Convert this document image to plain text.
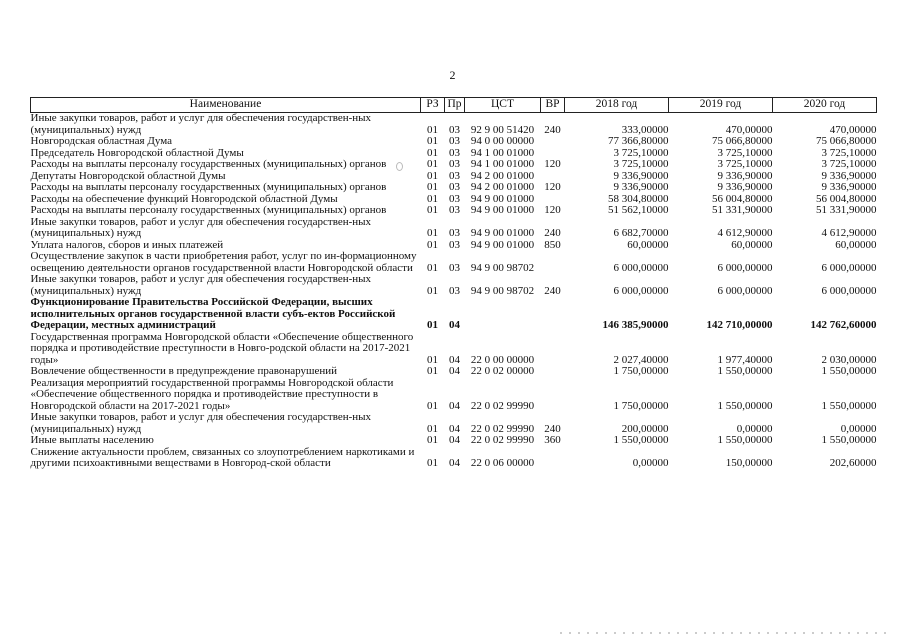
2
Наименование	РЗ	Пр	ЦСТ	ВР	2018 год	2019 год	2020 год
Иные закупки товаров, работ и услуг для обеспечения государствен-ных (муниципальных) нужд	01	03	92 9 00 51420	240	333,00000	470,00000	470,00000
Новгородская областная Дума	01	03	94 0 00 00000		77 366,80000	75 066,80000	75 066,80000
Председатель Новгородской областной Думы	01	03	94 1 00 01000		3 725,10000	3 725,10000	3 725,10000
Расходы на выплаты персоналу государственных (муниципальных) органов	01	03	94 1 00 01000	120	3 725,10000	3 725,10000	3 725,10000
Депутаты Новгородской областной Думы	01	03	94 2 00 01000		9 336,90000	9 336,90000	9 336,90000
Расходы на выплаты персоналу государственных (муниципальных) органов	01	03	94 2 00 01000	120	9 336,90000	9 336,90000	9 336,90000
Расходы на обеспечение функций Новгородской областной Думы	01	03	94 9 00 01000		58 304,80000	56 004,80000	56 004,80000
Расходы на выплаты персоналу государственных (муниципальных) органов	01	03	94 9 00 01000	120	51 562,10000	51 331,90000	51 331,90000
Иные закупки товаров, работ и услуг для обеспечения государствен-ных (муниципальных) нужд	01	03	94 9 00 01000	240	6 682,70000	4 612,90000	4 612,90000
Уплата налогов, сборов и иных платежей	01	03	94 9 00 01000	850	60,00000	60,00000	60,00000
Осуществление закупок в части приобретения работ, услуг по ин-формационному освещению деятельности органов государственной власти Новгородской области	01	03	94 9 00 98702		6 000,00000	6 000,00000	6 000,00000
Иные закупки товаров, работ и услуг для обеспечения государствен-ных (муниципальных) нужд	01	03	94 9 00 98702	240	6 000,00000	6 000,00000	6 000,00000
Функционирование Правительства Российской Федерации, высших исполнительных органов государственной власти субъ-ектов Российской Федерации, местных администраций	01	04			146 385,90000	142 710,00000	142 762,60000
Государственная программа Новгородской области «Обеспечение общественного порядка и противодействие преступности в Новго-родской области на 2017-2021 годы»	01	04	22 0 00 00000		2 027,40000	1 977,40000	2 030,00000
Вовлечение общественности в предупреждение правонарушений	01	04	22 0 02 00000		1 750,00000	1 550,00000	1 550,00000
Реализация мероприятий государственной программы Новгородской области «Обеспечение общественного порядка и противодействие преступности в Новгородской области на 2017-2021 годы»	01	04	22 0 02 99990		1 750,00000	1 550,00000	1 550,00000
Иные закупки товаров, работ и услуг для обеспечения государствен-ных (муниципальных) нужд	01	04	22 0 02 99990	240	200,00000	0,00000	0,00000
Иные выплаты населению	01	04	22 0 02 99990	360	1 550,00000	1 550,00000	1 550,00000
Снижение актуальности проблем, связанных со злоупотреблением наркотиками и другими психоактивными веществами в Новгород-ской области	01	04	22 0 06 00000		0,00000	150,00000	202,60000
